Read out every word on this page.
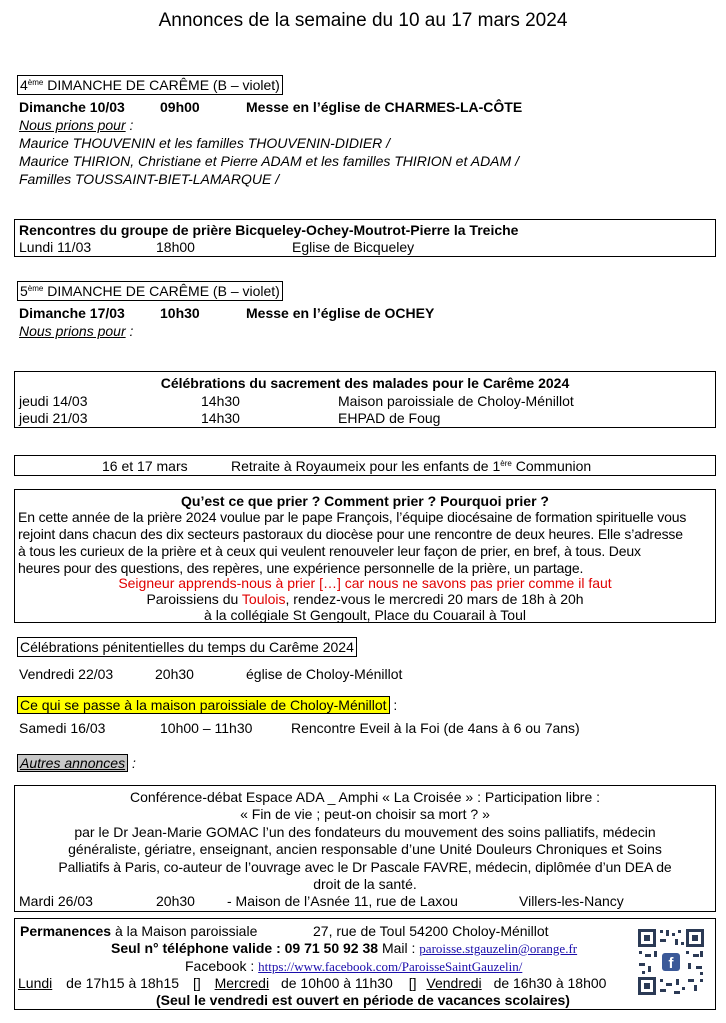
Annonces de la semaine du 10 au 17 mars 2024
4ème DIMANCHE DE CARÊME (B – violet)
Dimanche 10/03	09h00	Messe en l’église de CHARMES-LA-CÔTE
Nous prions pour :
Maurice THOUVENIN et les familles THOUVENIN-DIDIER /
Maurice THIRION, Christiane et Pierre ADAM et les familles THIRION et ADAM /
Familles TOUSSAINT-BIET-LAMARQUE /
Rencontres du groupe de prière Bicqueley-Ochey-Moutrot-Pierre la Treiche
Lundi 11/03	18h00	Eglise de Bicqueley
5ème DIMANCHE DE CARÊME (B – violet)
Dimanche 17/03	10h30	Messe en l’église de OCHEY
Nous prions pour :
Célébrations du sacrement des malades pour le Carême 2024
jeudi 14/03	14h30	Maison paroissiale de Choloy-Ménillot
jeudi 21/03	14h30	EHPAD de Foug
16 et 17 mars	Retraite à Royaumeix pour les enfants de 1ère Communion
Qu’est ce que prier ? Comment prier ? Pourquoi prier ?
En cette année de la prière 2024 voulue par le pape François, l’équipe diocésaine de formation spirituelle vous
rejoint dans chacun des dix secteurs pastoraux du diocèse pour une rencontre de deux heures. Elle s’adresse
à tous les curieux de la prière et à ceux qui veulent renouveler leur façon de prier, en bref, à tous. Deux
heures pour des questions, des repères, une expérience personnelle de la prière, un partage.
Seigneur apprends-nous à prier […] car nous ne savons pas prier comme il faut
Paroissiens du Toulois, rendez-vous le mercredi 20 mars de 18h à 20h
à la collégiale St Gengoult, Place du Couarail à Toul
Célébrations pénitentielles du temps du Carême 2024
Vendredi 22/03	20h30	église de Choloy-Ménillot
Ce qui se passe à la maison paroissiale de Choloy-Ménillot :
Samedi 16/03	10h00 – 11h30	Rencontre Eveil à la Foi (de 4ans à 6 ou 7ans)
Autres annonces :
Conférence-débat Espace ADA _ Amphi « La Croisée » : Participation libre :
« Fin de vie ; peut-on choisir sa mort ? »
par le Dr Jean-Marie GOMAC l’un des fondateurs du mouvement des soins palliatifs, médecin
généraliste, gériatre, enseignant, ancien responsable d’une Unité Douleurs Chroniques et Soins
Palliatifs à Paris, co-auteur de l’ouvrage avec le Dr Pascale FAVRE, médecin, diplômée d’un DEA de
droit de la santé.
Mardi 26/03	20h30 - Maison de l’Asnée 11, rue de Laxou	Villers-les-Nancy
Permanences à la Maison paroissiale	27, rue de Toul 54200 Choloy-Ménillot
Seul n° téléphone valide : 09 71 50 92 38 Mail : paroisse.stgauzelin@orange.fr
Facebook : https://www.facebook.com/ParoisseSaintGauzelin/
Lundi de 17h15 à 18h15 [] Mercredi de 10h00 à 11h30 [] Vendredi de 16h30 à 18h00
(Seul le vendredi est ouvert en période de vacances scolaires)
f
